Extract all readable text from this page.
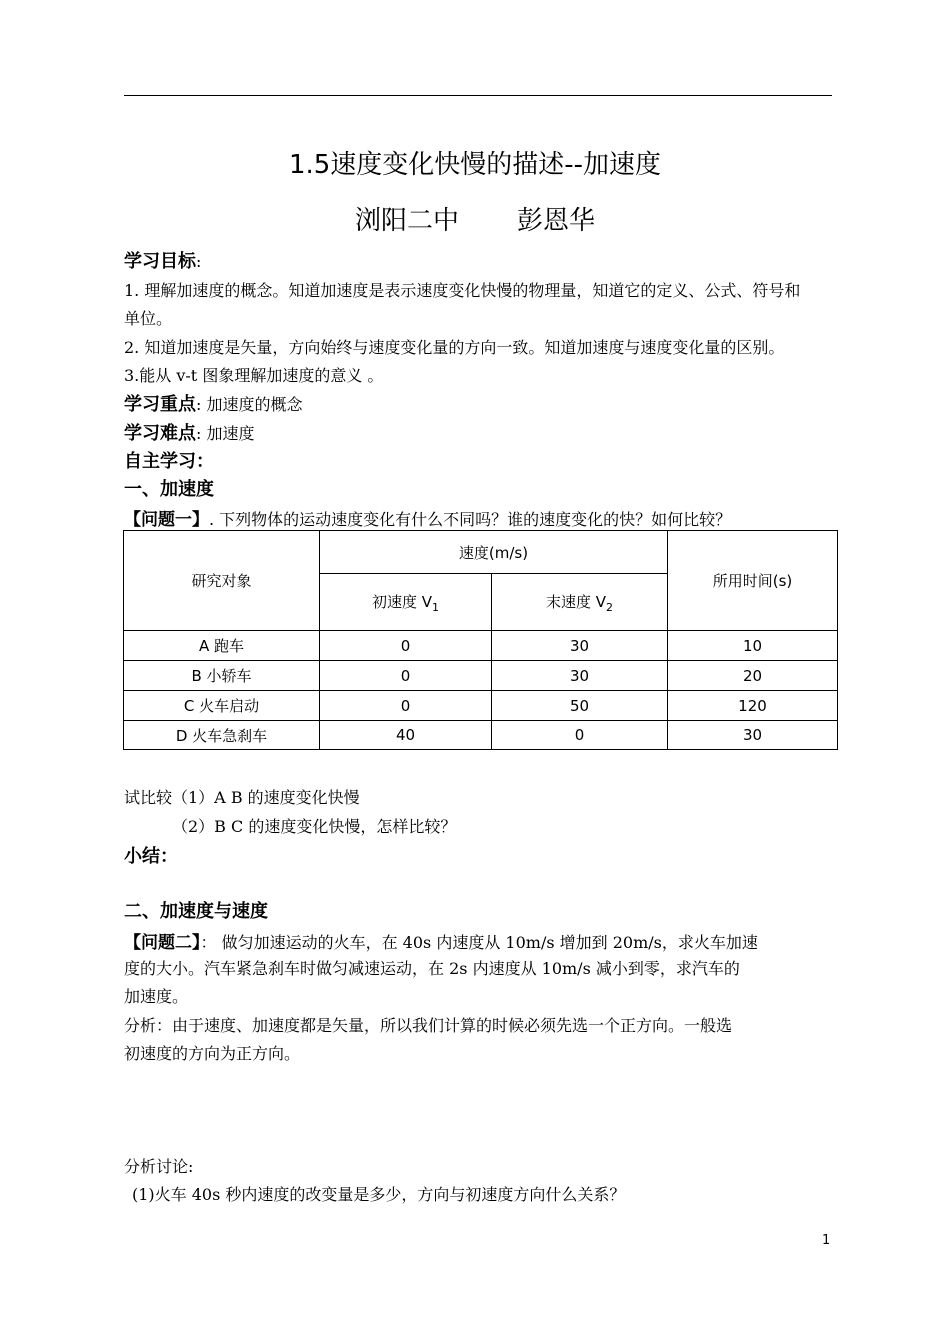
1.5速度变化快慢的描述--加速度
浏阳二中 彭恩华
学习目标:
1. 理解加速度的概念。知道加速度是表示速度变化快慢的物理量，知道它的定义、公式、符号和
单位。
2. 知道加速度是矢量，方向始终与速度变化量的方向一致。知道加速度与速度变化量的区别。
3.能从 v-t 图象理解加速度的意义 。
学习重点: 加速度的概念
学习难点: 加速度
自主学习：
一、加速度
【问题一】. 下列物体的运动速度变化有什么不同吗？谁的速度变化的快？如何比较？
研究对象	速度(m/s)		所用时间(s)
	初速度 $V_1$	末速度 $V_2$
A 跑车	0	30	10
B 小轿车	0	30	20
C 火车启动	0	50	120
D 火车急刹车	40	0	30
试比较（1）A B 的速度变化快慢
（2）B C 的速度变化快慢，怎样比较？
小结：
二、加速度与速度
【问题二】： 做匀加速运动的火车，在 40s 内速度从 10m/s 增加到 20m/s，求火车加速
度的大小。汽车紧急刹车时做匀减速运动，在 2s 内速度从 10m/s 减小到零，求汽车的
加速度。
分析：由于速度、加速度都是矢量，所以我们计算的时候必须先选一个正方向。一般选
初速度的方向为正方向。
分析讨论:
(1)火车 40s 秒内速度的改变量是多少，方向与初速度方向什么关系？
1
